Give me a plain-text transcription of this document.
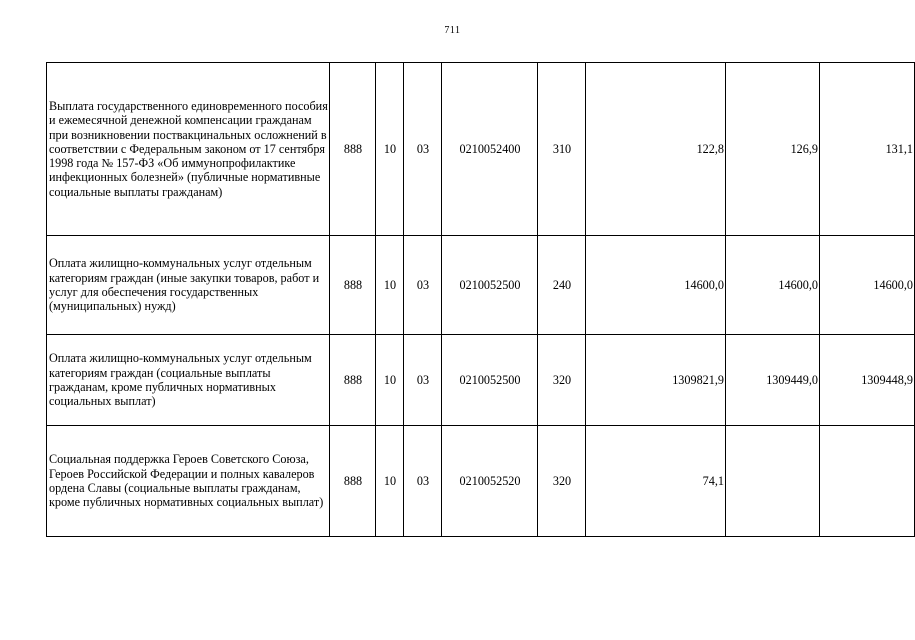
711
Выплата государственного единовременного пособия и ежемесячной денежной компенсации гражданам при возникновении поствакцинальных осложнений в соответствии с Федеральным законом от 17 сентября 1998 года № 157-ФЗ «Об иммунопрофилактике инфекционных болезней» (публичные нормативные социальные выплаты гражданам)	888	10	03	0210052400	310	122,8	126,9	131,1
Оплата жилищно-коммунальных услуг отдельным категориям граждан (иные закупки товаров, работ и услуг для обеспечения государственных (муниципальных) нужд)	888	10	03	0210052500	240	14600,0	14600,0	14600,0
Оплата жилищно-коммунальных услуг отдельным категориям граждан (социальные выплаты гражданам, кроме публичных нормативных социальных выплат)	888	10	03	0210052500	320	1309821,9	1309449,0	1309448,9
Социальная поддержка Героев Советского Союза, Героев Российской Федерации и полных кавалеров ордена Славы (социальные выплаты гражданам, кроме публичных нормативных социальных выплат)	888	10	03	0210052520	320	74,1		
